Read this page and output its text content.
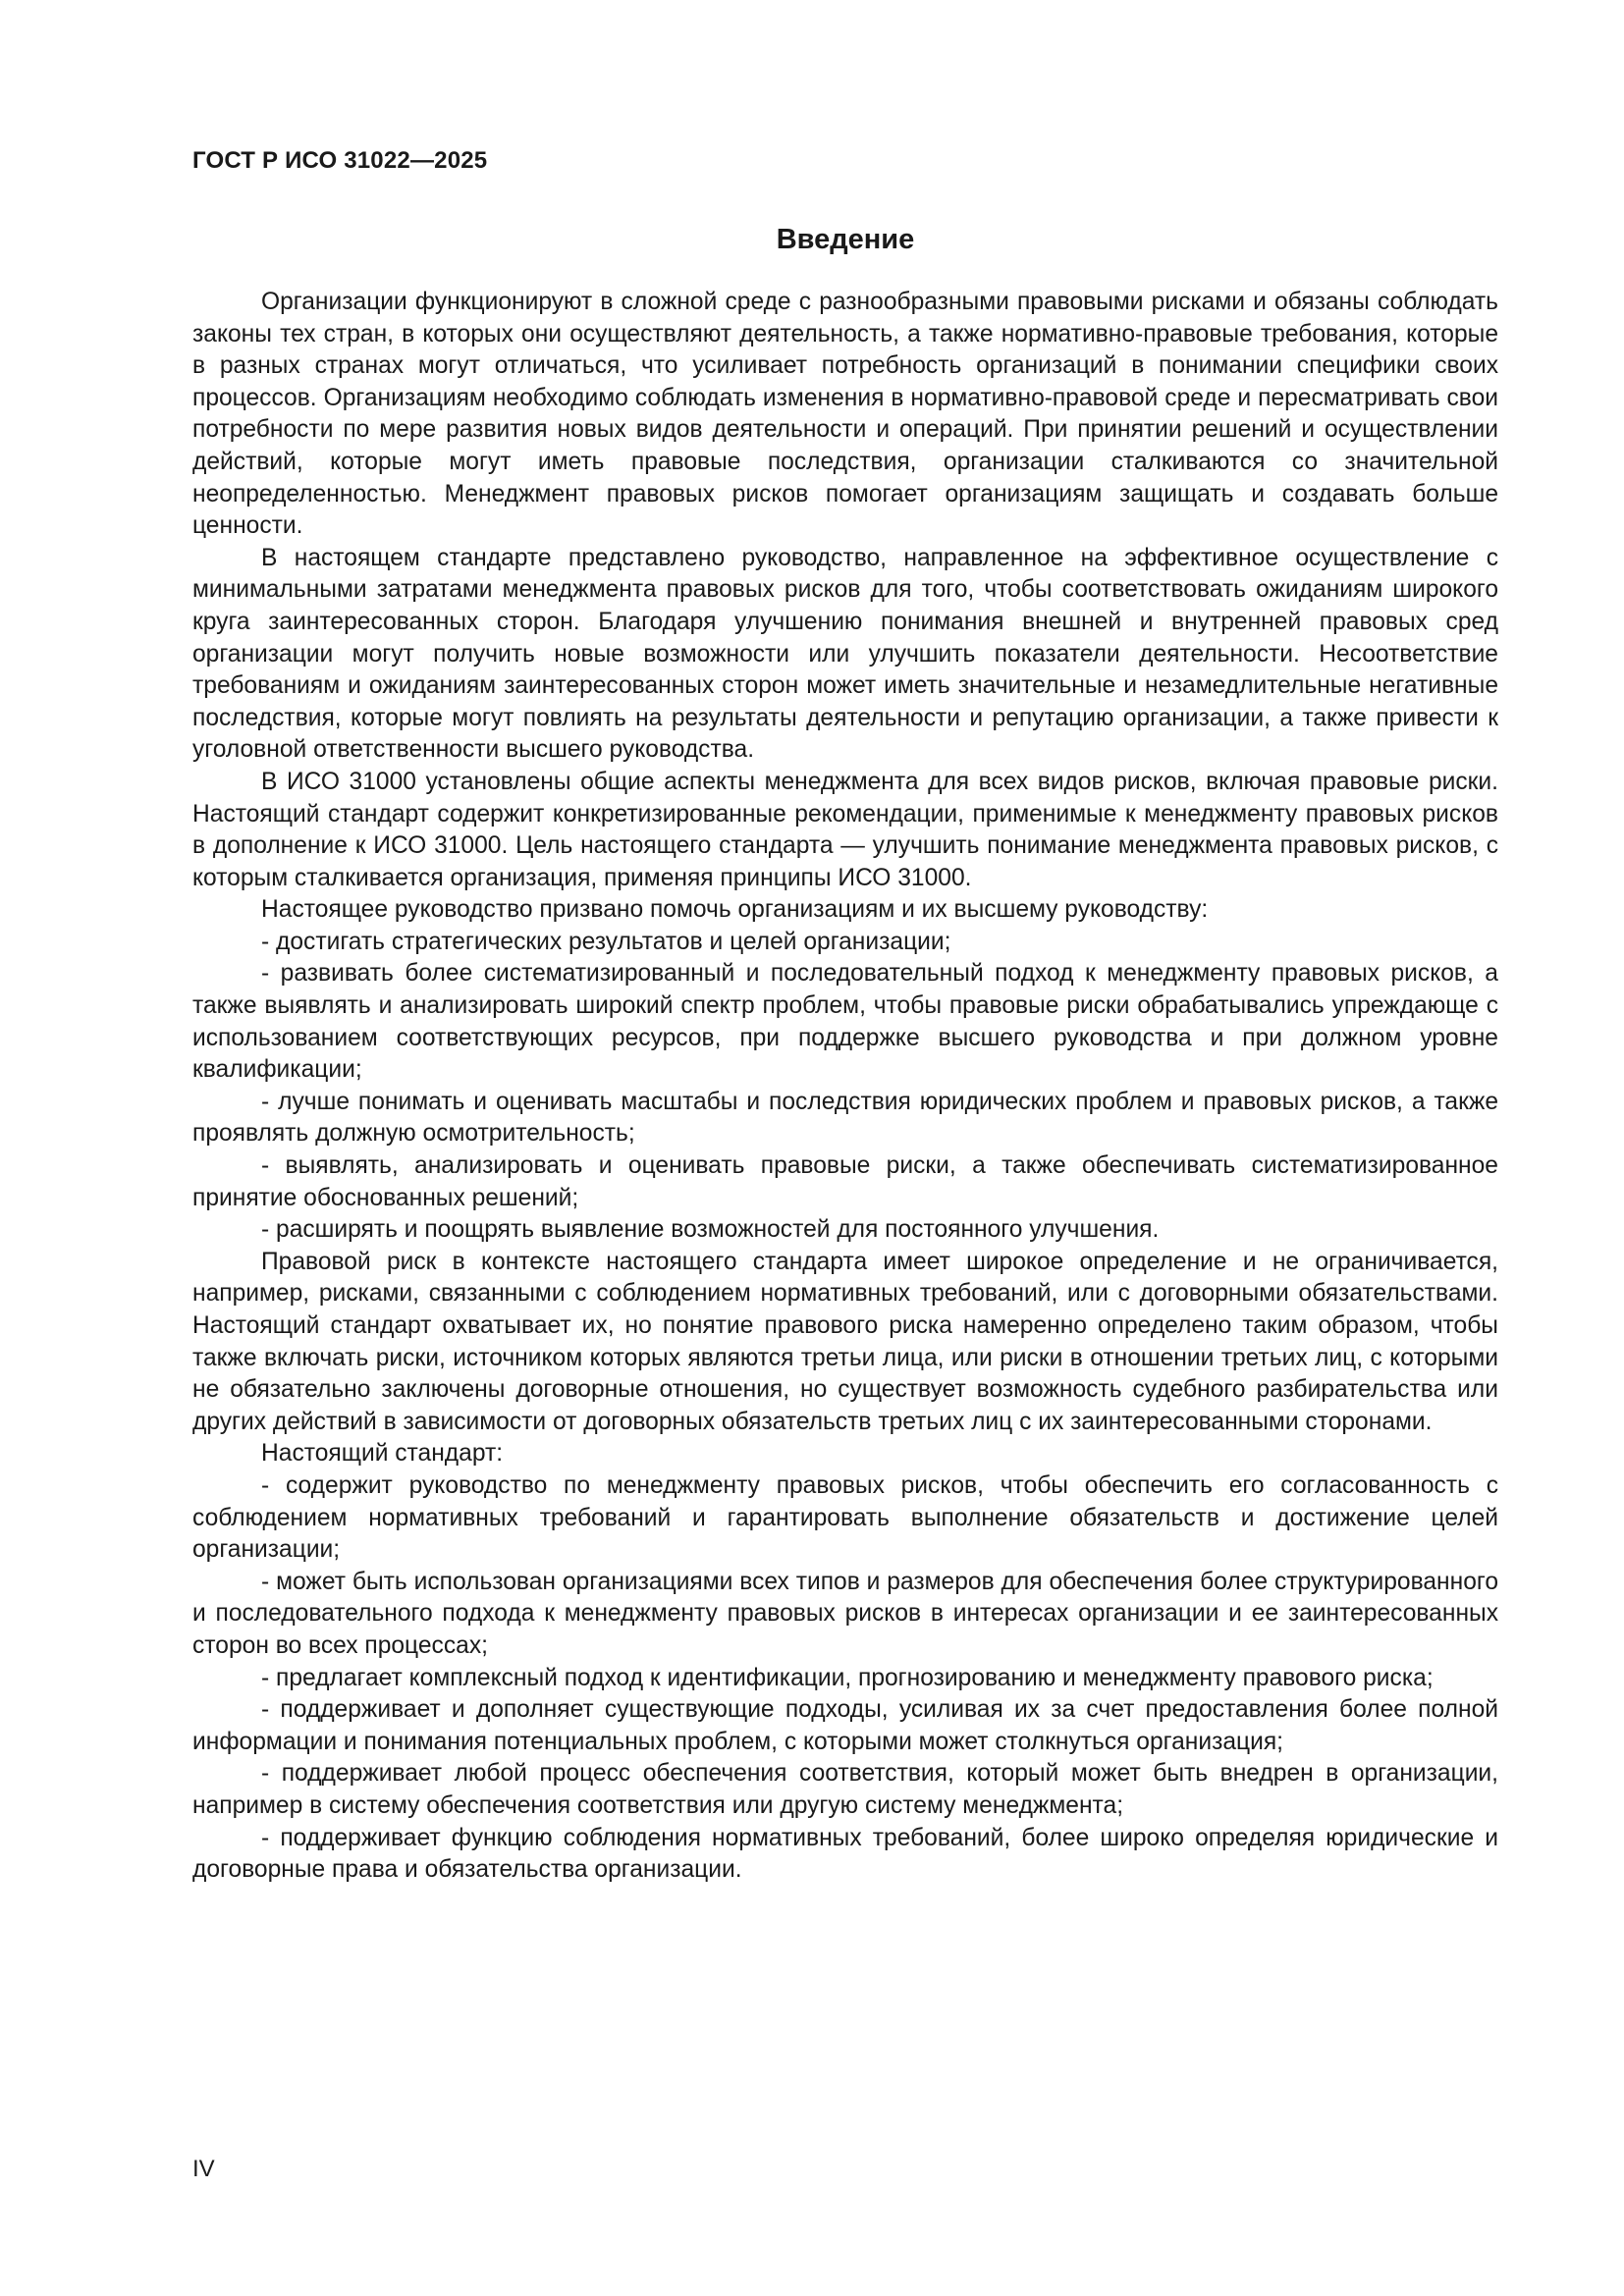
ГОСТ Р ИСО 31022—2025
Введение

Организации функционируют в сложной среде с разнообразными правовыми рисками и обязаны соблюдать законы тех стран, в которых они осуществляют деятельность, а также нормативно-правовые требования, которые в разных странах могут отличаться, что усиливает потребность организаций в понимании специфики своих процессов. Организациям необходимо соблюдать изменения в нормативно-правовой среде и пересматривать свои потребности по мере развития новых видов деятельности и операций. При принятии решений и осуществлении действий, которые могут иметь правовые последствия, организации сталкиваются со значительной неопределенностью. Менеджмент правовых рисков помогает организациям защищать и создавать больше ценности.

В настоящем стандарте представлено руководство, направленное на эффективное осуществление с минимальными затратами менеджмента правовых рисков для того, чтобы соответствовать ожиданиям широкого круга заинтересованных сторон. Благодаря улучшению понимания внешней и внутренней правовых сред организации могут получить новые возможности или улучшить показатели деятельности. Несоответствие требованиям и ожиданиям заинтересованных сторон может иметь значительные и незамедлительные негативные последствия, которые могут повлиять на результаты деятельности и репутацию организации, а также привести к уголовной ответственности высшего руководства.

В ИСО 31000 установлены общие аспекты менеджмента для всех видов рисков, включая правовые риски. Настоящий стандарт содержит конкретизированные рекомендации, применимые к менеджменту правовых рисков в дополнение к ИСО 31000. Цель настоящего стандарта — улучшить понимание менеджмента правовых рисков, с которым сталкивается организация, применяя принципы ИСО 31000.

Настоящее руководство призвано помочь организациям и их высшему руководству:

- достигать стратегических результатов и целей организации;

- развивать более систематизированный и последовательный подход к менеджменту правовых рисков, а также выявлять и анализировать широкий спектр проблем, чтобы правовые риски обрабатывались упреждающе с использованием соответствующих ресурсов, при поддержке высшего руководства и при должном уровне квалификации;

- лучше понимать и оценивать масштабы и последствия юридических проблем и правовых рисков, а также проявлять должную осмотрительность;

- выявлять, анализировать и оценивать правовые риски, а также обеспечивать систематизированное принятие обоснованных решений;

- расширять и поощрять выявление возможностей для постоянного улучшения.

Правовой риск в контексте настоящего стандарта имеет широкое определение и не ограничивается, например, рисками, связанными с соблюдением нормативных требований, или с договорными обязательствами. Настоящий стандарт охватывает их, но понятие правового риска намеренно определено таким образом, чтобы также включать риски, источником которых являются третьи лица, или риски в отношении третьих лиц, с которыми не обязательно заключены договорные отношения, но существует возможность судебного разбирательства или других действий в зависимости от договорных обязательств третьих лиц с их заинтересованными сторонами.

Настоящий стандарт:

- содержит руководство по менеджменту правовых рисков, чтобы обеспечить его согласованность с соблюдением нормативных требований и гарантировать выполнение обязательств и достижение целей организации;

- может быть использован организациями всех типов и размеров для обеспечения более структурированного и последовательного подхода к менеджменту правовых рисков в интересах организации и ее заинтересованных сторон во всех процессах;

- предлагает комплексный подход к идентификации, прогнозированию и менеджменту правового риска;

- поддерживает и дополняет существующие подходы, усиливая их за счет предоставления более полной информации и понимания потенциальных проблем, с которыми может столкнуться организация;

- поддерживает любой процесс обеспечения соответствия, который может быть внедрен в организации, например в систему обеспечения соответствия или другую систему менеджмента;

- поддерживает функцию соблюдения нормативных требований, более широко определяя юридические и договорные права и обязательства организации.

IV
